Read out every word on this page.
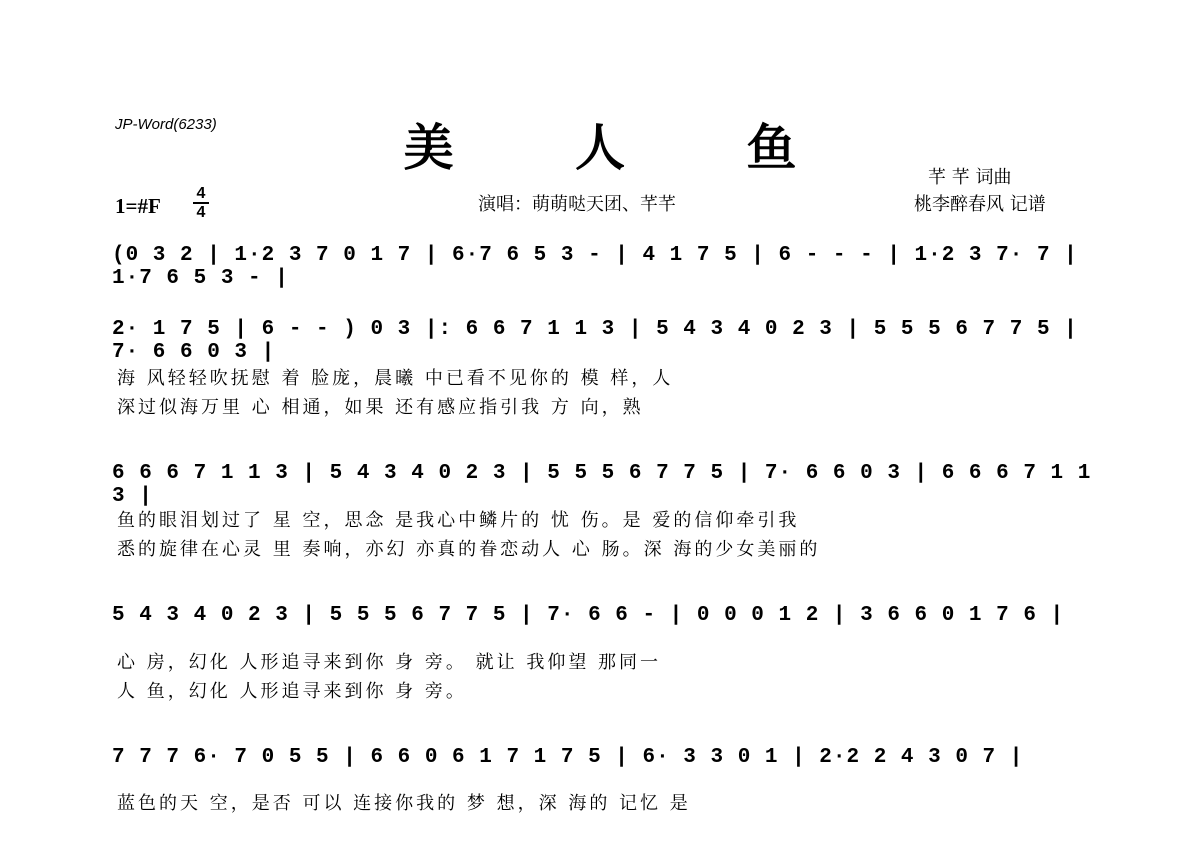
JP-Word(6233)	美 人 鱼
芊 芊 词曲
演唱：萌萌哒天团、芊芊	桃李醉春风 记谱
1=#F
4
4
(0 3 2 | 1·2 3 7 0 1 7 | 6·7 6 5 3 - | 4 1 7 5 | 6 - - - | 1·2 3 7· 7 | 1·7 6 5 3 - |
2· 1 7 5 | 6 - - ) 0 3 |: 6 6 7 1 1 3 | 5 4 3 4 0 2 3 | 5 5 5 6 7 7 5 | 7· 6 6 0 3 |
海 风轻轻吹抚慰 着 脸庞，晨曦 中已看不见你的 模 样，人
深过似海万里 心 相通，如果 还有感应指引我 方 向，熟
6 6 6 7 1 1 3 | 5 4 3 4 0 2 3 | 5 5 5 6 7 7 5 | 7· 6 6 0 3 | 6 6 6 7 1 1 3 |
鱼的眼泪划过了 星 空，思念 是我心中鳞片的 忧 伤。是 爱的信仰牵引我
悉的旋律在心灵 里 奏响，亦幻 亦真的眷恋动人 心 肠。深 海的少女美丽的
5 4 3 4 0 2 3 | 5 5 5 6 7 7 5 | 7· 6 6 - | 0 0 0 1 2 | 3 6 6 0 1 7 6 |
心 房，幻化 人形追寻来到你 身 旁。 就让 我仰望 那同一
人 鱼，幻化 人形追寻来到你 身 旁。
7 7 7 6· 7 0 5 5 | 6 6 0 6 1 7 1 7 5 | 6· 3 3 0 1 | 2·2 2 4 3 0 7 |
蓝色的天 空，是否 可以 连接你我的 梦 想，深 海的 记忆 是
